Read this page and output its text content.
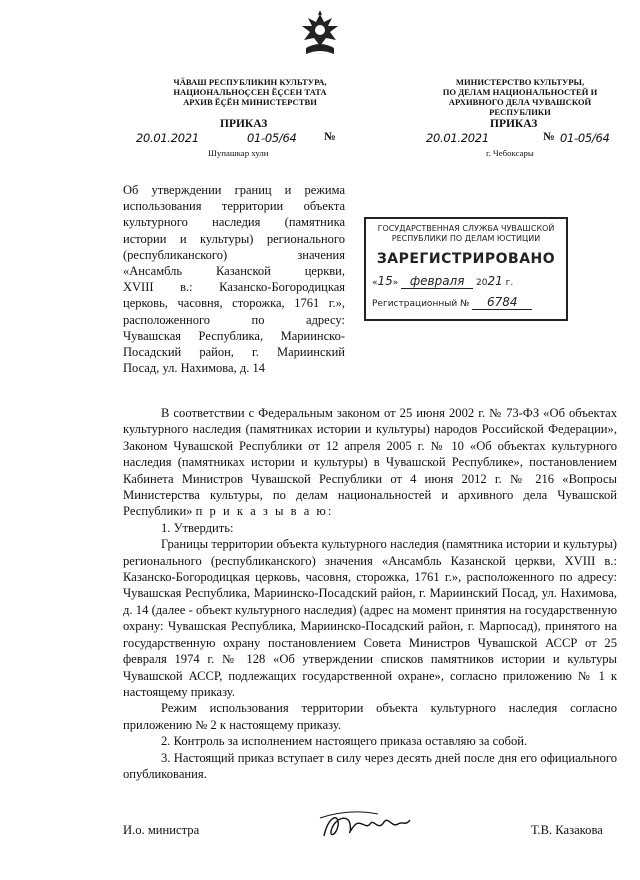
ЧӐВАШ РЕСПУБЛИКИН КУЛЬТУРА,
НАЦИОНАЛЬНОҪСЕН ӖҪСЕН ТАТА
АРХИВ ӖҪӖН МИНИСТЕРСТВИ
ПРИКАЗ
20.01.2021	01-05/64 №
Шупашкар хули
МИНИСТЕРСТВО КУЛЬТУРЫ,
ПО ДЕЛАМ НАЦИОНАЛЬНОСТЕЙ И
АРХИВНОГО ДЕЛА ЧУВАШСКОЙ РЕСПУБЛИКИ
ПРИКАЗ
20.01.2021	№ 01-05/64
г. Чебоксары
Об утверждении границ и режима
использования территории объекта
культурного наследия (памятника
истории и культуры) регионального
(республиканского) значения
«Ансамбль Казанской церкви,
XVIII в.: Казанско-Богородицкая
церковь, часовня, сторожка, 1761 г.»,
расположенного по адресу:
Чувашская Республика, Мариинско-
Посадский район, г. Мариинский
Посад, ул. Нахимова, д. 14
ГОСУДАРСТВЕННАЯ СЛУЖБА ЧУВАШСКОЙ
РЕСПУБЛИКИ ПО ДЕЛАМ ЮСТИЦИИ
ЗАРЕГИСТРИРОВАНО
«15» февраля 2021 г.
Регистрационный № 6784

В соответствии с Федеральным законом от 25 июня 2002 г. № 73-ФЗ «Об объектах культурного наследия (памятниках истории и культуры) народов Российской Федерации», Законом Чувашской Республики от 12 апреля 2005 г. № 10 «Об объектах культурного наследия (памятниках истории и культуры) в Чувашской Республике», постановлением Кабинета Министров Чувашской Республики от 4 июня 2012 г. № 216 «Вопросы Министерства культуры, по делам национальностей и архивного дела Чувашской Республики» п р и к а з ы в а ю:

1. Утвердить:

Границы территории объекта культурного наследия (памятника истории и культуры) регионального (республиканского) значения «Ансамбль Казанской церкви, XVIII в.: Казанско-Богородицкая церковь, часовня, сторожка, 1761 г.», расположенного по адресу: Чувашская Республика, Мариинско-Посадский район, г. Мариинский Посад, ул. Нахимова, д. 14 (далее - объект культурного наследия) (адрес на момент принятия на государственную охрану: Чувашская Республика, Мариинско-Посадский район, г. Марпосад), принятого на государственную охрану постановлением Совета Министров Чувашской АССР от 25 февраля 1974 г. № 128 «Об утверждении списков памятников истории и культуры Чувашской АССР, подлежащих государственной охране», согласно приложению № 1 к настоящему приказу.

Режим использования территории объекта культурного наследия согласно приложению № 2 к настоящему приказу.

2. Контроль за исполнением настоящего приказа оставляю за собой.

3. Настоящий приказ вступает в силу через десять дней после дня его официального опубликования.

И.о. министра	Т.В. Казакова
